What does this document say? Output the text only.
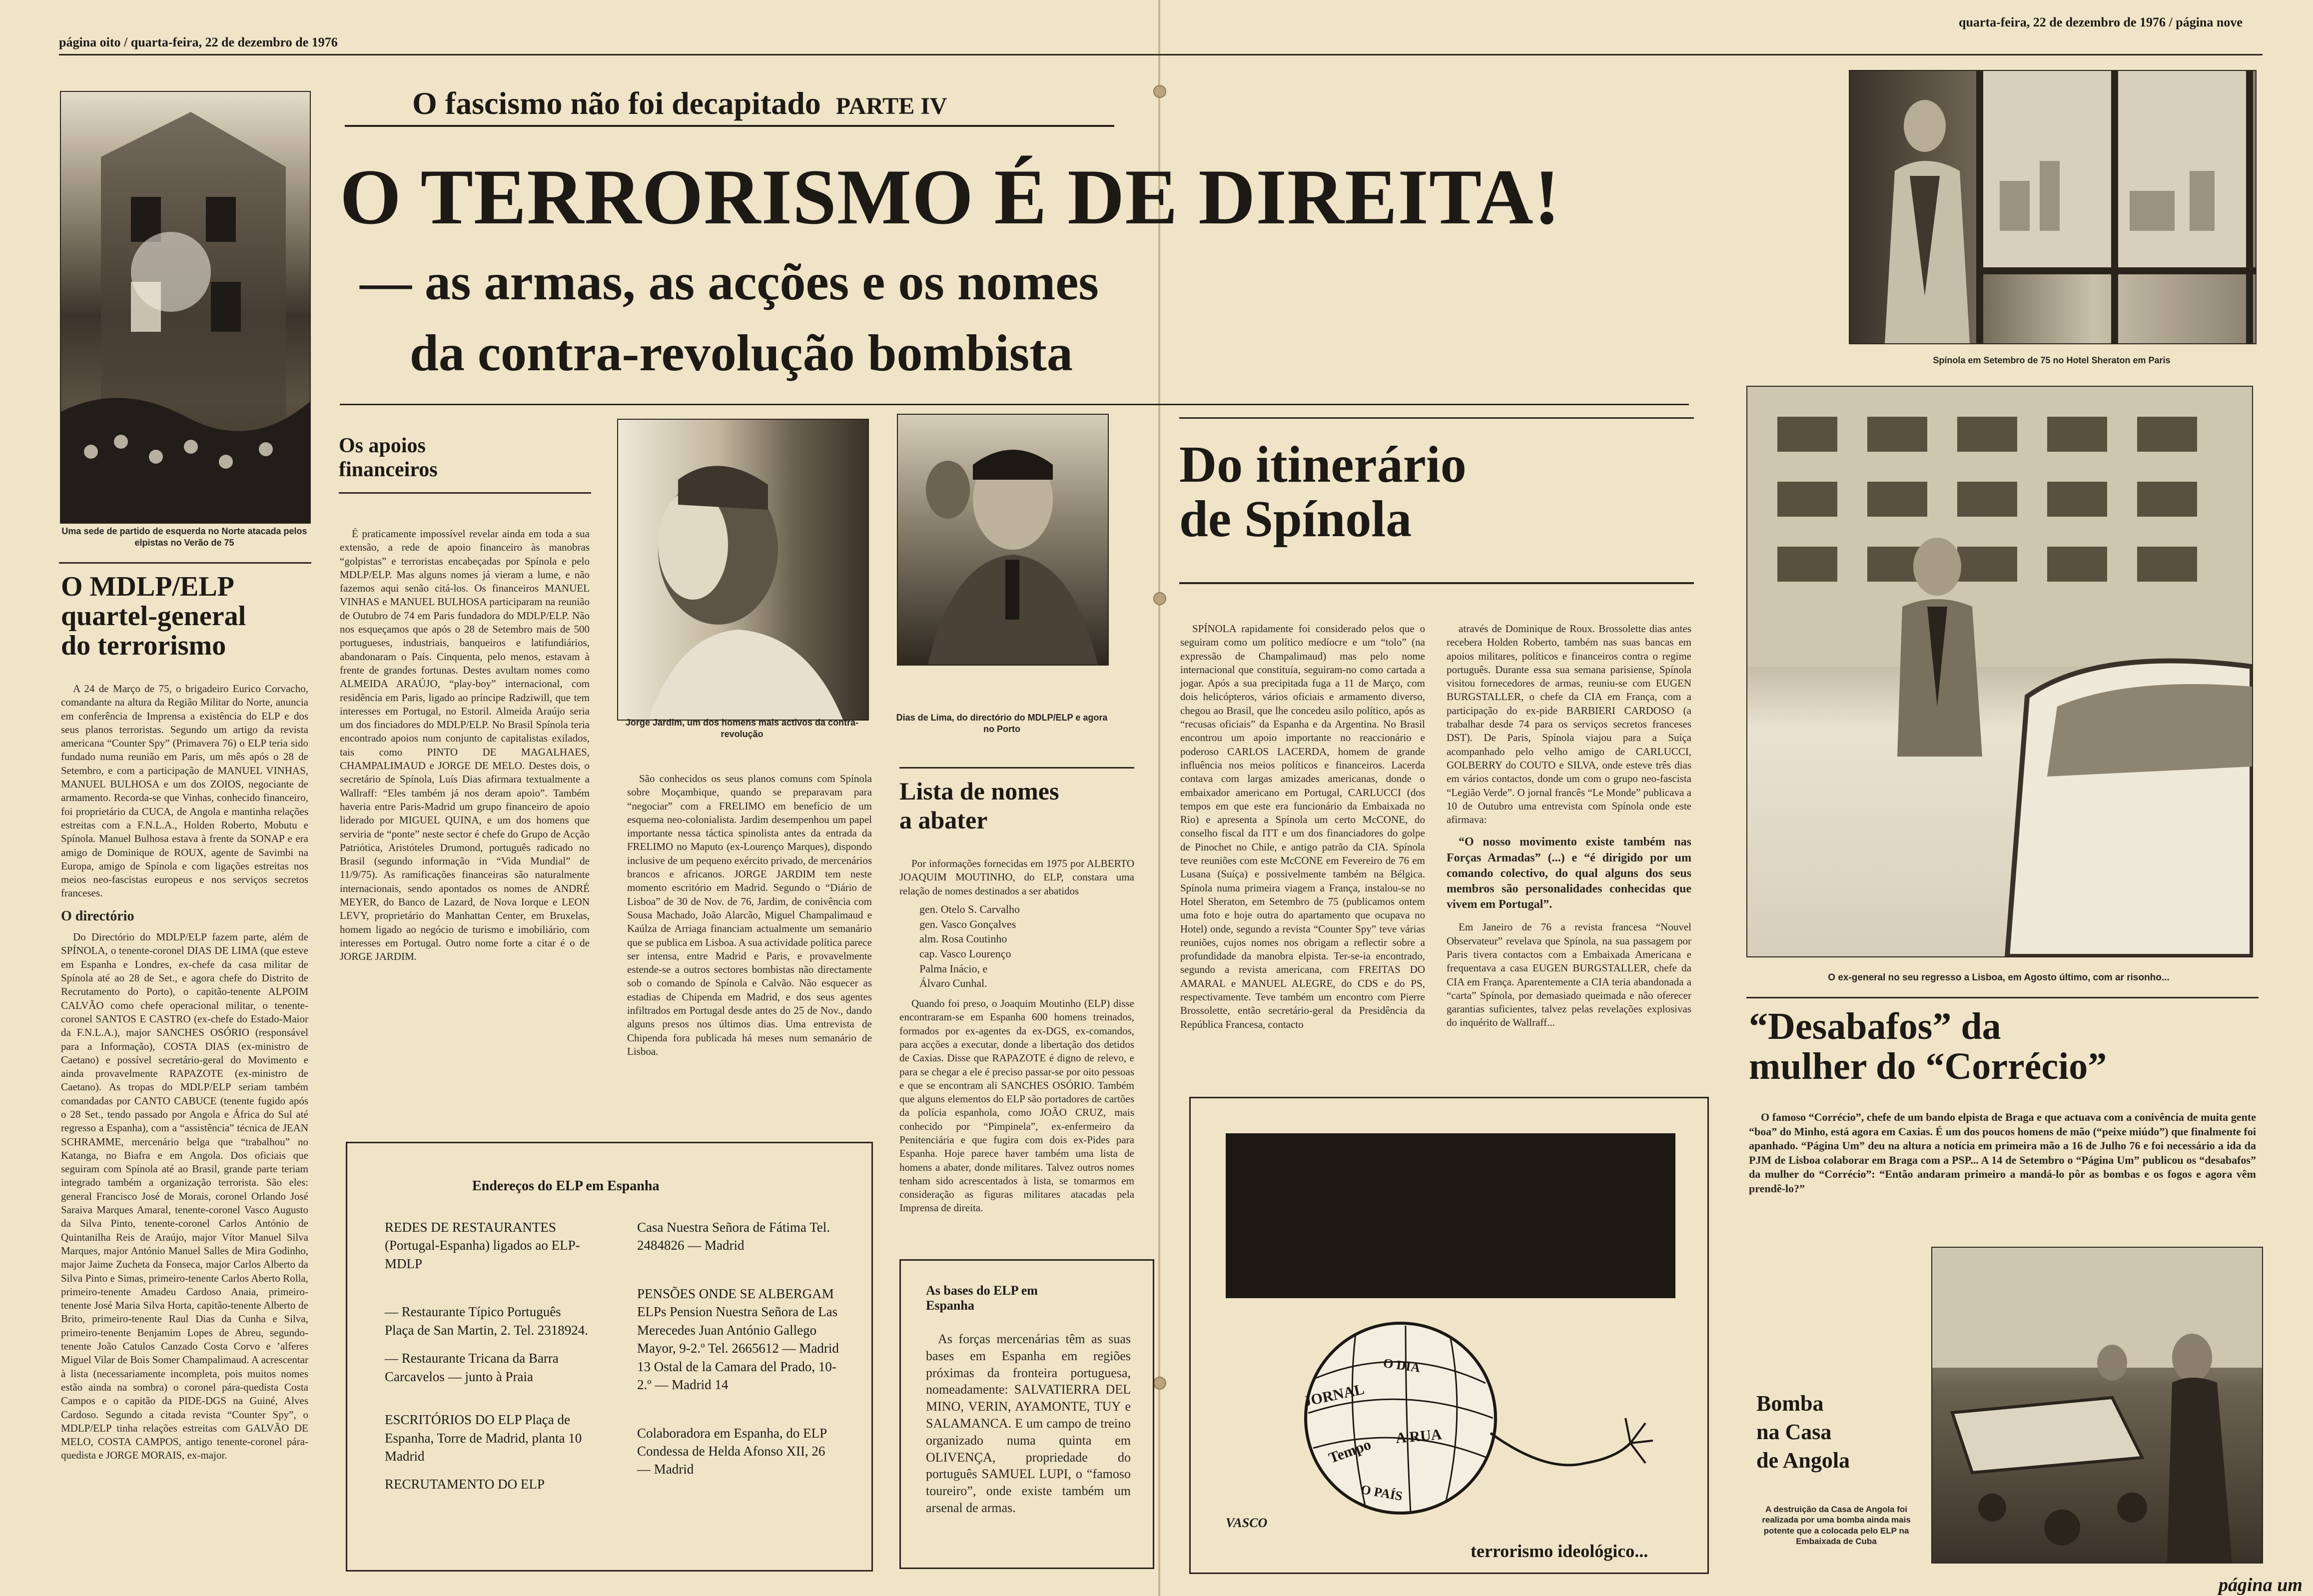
página oito / quarta-feira, 22 de dezembro de 1976
quarta-feira, 22 de dezembro de 1976 / página nove
Uma sede de partido de esquerda no Norte atacada pelos elpistas no Verão de 75
O MDLP/ELP
quartel-general
do terrorismo

A 24 de Março de 75, o brigadeiro Eurico Corvacho, comandante na altura da Região Militar do Norte, anuncia em conferência de Imprensa a existência do ELP e dos seus planos terroristas. Segundo um artigo da revista americana “Counter Spy” (Primavera 76) o ELP teria sido fundado numa reunião em Paris, um mês após o 28 de Setembro, e com a participação de MANUEL VINHAS, MANUEL BULHOSA e um dos ZOIOS, negociante de armamento. Recorda-se que Vinhas, conhecido financeiro, foi proprietário da CUCA, de Angola e mantinha relações estreitas com a F.N.L.A., Holden Roberto, Mobutu e Spínola. Manuel Bulhosa estava à frente da SONAP e era amigo de Dominique de ROUX, agente de Savimbi na Europa, amigo de Spínola e com ligações estreitas nos meios neo-fascistas europeus e nos serviços secretos franceses.

O directório

Do Directório do MDLP/ELP fazem parte, além de SPÍNOLA, o tenente-coronel DIAS DE LIMA (que esteve em Espanha e Londres, ex-chefe da casa militar de Spínola até ao 28 de Set., e agora chefe do Distrito de Recrutamento do Porto), o capitão-tenente ALPOIM CALVÃO como chefe operacional militar, o tenente-coronel SANTOS E CASTRO (ex-chefe do Estado-Maior da F.N.L.A.), major SANCHES OSÓRIO (responsável para a Informação), COSTA DIAS (ex-ministro de Caetano) e possível secretário-geral do Movimento e ainda provavelmente RAPAZOTE (ex-ministro de Caetano). As tropas do MDLP/ELP seriam também comandadas por CANTO CABUCE (tenente fugido após o 28 Set., tendo passado por Angola e África do Sul até regresso a Espanha), com a “assistência” técnica de JEAN SCHRAMME, mercenário belga que “trabalhou” no Katanga, no Biafra e em Angola. Dos oficiais que seguiram com Spínola até ao Brasil, grande parte teriam integrado também a organização terrorista. São eles: general Francisco José de Morais, coronel Orlando José Saraiva Marques Amaral, tenente-coronel Vasco Augusto da Silva Pinto, tenente-coronel Carlos António de Quintanilha Reis de Araújo, major Vítor Manuel Silva Marques, major António Manuel Salles de Mira Godinho, major Jaime Zucheta da Fonseca, major Carlos Alberto da Silva Pinto e Simas, primeiro-tenente Carlos Aberto Rolla, primeiro-tenente Amadeu Cardoso Anaia, primeiro-tenente José Maria Silva Horta, capitão-tenente Alberto de Brito, primeiro-tenente Raul Dias da Cunha e Silva, primeiro-tenente Benjamim Lopes de Abreu, segundo-tenente João Catulos Canzado Costa Corvo e ’alferes Miguel Vilar de Bois Somer Champalimaud. A acrescentar à lista (necessariamente incompleta, pois muitos nomes estão ainda na sombra) o coronel pára-quedista Costa Campos e o capitão da PIDE-DGS na Guiné, Alves Cardoso. Segundo a citada revista “Counter Spy”, o MDLP/ELP tinha relações estreitas com GALVÃO DE MELO, COSTA CAMPOS, antigo tenente-coronel pára-quedista e JORGE MORAIS, ex-major.

O fascismo não foi decapitado PARTE IV
O TERRORISMO É DE DIREITA!
— as armas, as acções e os nomes
da contra-revolução bombista
Os apoios
financeiros

É praticamente impossível revelar ainda em toda a sua extensão, a rede de apoio financeiro às manobras “golpistas” e terroristas encabeçadas por Spínola e pelo MDLP/ELP. Mas alguns nomes já vieram a lume, e não fazemos aqui senão citá-los. Os financeiros MANUEL VINHAS e MANUEL BULHOSA participaram na reunião de Outubro de 74 em Paris fundadora do MDLP/ELP. Não nos esqueçamos que após o 28 de Setembro mais de 500 portugueses, industriais, banqueiros e latifundiários, abandonaram o País. Cinquenta, pelo menos, estavam à frente de grandes fortunas. Destes avultam nomes como ALMEIDA ARAÚJO, “play-boy” internacional, com residência em Paris, ligado ao príncipe Radziwill, que tem interesses em Portugal, no Estoril. Almeida Araújo seria um dos finciadores do MDLP/ELP. No Brasil Spínola teria encontrado apoios num conjunto de capitalistas exilados, tais como PINTO DE MAGALHAES, CHAMPALIMAUD e JORGE DE MELO. Destes dois, o secretário de Spínola, Luís Dias afirmara textualmente a Wallraff: “Eles também já nos deram apoio”. Também haveria entre Paris-Madrid um grupo financeiro de apoio liderado por MIGUEL QUINA, e um dos homens que serviria de “ponte” neste sector é chefe do Grupo de Acção Patriótica, Aristóteles Drumond, português radicado no Brasil (segundo informação in “Vida Mundial” de 11/9/75). As ramificações financeiras são naturalmente internacionais, sendo apontados os nomes de ANDRÉ MEYER, do Banco de Lazard, de Nova Iorque e LEON LEVY, proprietário do Manhattan Center, em Bruxelas, homem ligado ao negócio de turismo e imobiliário, com interesses em Portugal. Outro nome forte a citar é o de JORGE JARDIM.

Jorge Jardim, um dos homens mais activos da contra-revolução
Dias de Lima, do directório do MDLP/ELP e agora no Porto

São conhecidos os seus planos comuns com Spínola sobre Moçambique, quando se preparavam para “negociar” com a FRELIMO em benefício de um esquema neo-colonialista. Jardim desempenhou um papel importante nessa táctica spinolista antes da entrada da FRELIMO no Maputo (ex-Lourenço Marques), dispondo inclusive de um pequeno exército privado, de mercenários brancos e africanos. JORGE JARDIM tem neste momento escritório em Madrid. Segundo o “Diário de Lisboa” de 30 de Nov. de 76, Jardim, de conivência com Sousa Machado, João Alarcão, Miguel Champalimaud e Kaúlza de Arriaga financiam actualmente um semanário que se publica em Lisboa. A sua actividade política parece ser intensa, entre Madrid e Paris, e provavelmente estende-se a outros sectores bombistas não directamente sob o comando de Spínola e Calvão. Não esquecer as estadias de Chipenda em Madrid, e dos seus agentes infiltrados em Portugal desde antes do 25 de Nov., dando alguns presos nos últimos dias. Uma entrevista de Chipenda fora publicada há meses num semanário de Lisboa.

Lista de nomes
a abater

Por informações fornecidas em 1975 por ALBERTO JOAQUIM MOUTINHO, do ELP, constara uma relação de nomes destinados a ser abatidos

gen. Otelo S. Carvalho
gen. Vasco Gonçalves
alm. Rosa Coutinho
cap. Vasco Lourenço
Palma Inácio, e
Álvaro Cunhal.

Quando foi preso, o Joaquim Moutinho (ELP) disse encontraram-se em Espanha 600 homens treinados, formados por ex-agentes da ex-DGS, ex-comandos, para acções a executar, donde a libertação dos detidos de Caxias. Disse que RAPAZOTE é digno de relevo, e para se chegar a ele é preciso passar-se por oito pessoas e que se encontram ali SANCHES OSÓRIO. Também que alguns elementos do ELP são portadores de cartões da polícia espanhola, como JOÃO CRUZ, mais conhecido por “Pimpinela”, ex-enfermeiro da Penitenciária e que fugira com dois ex-Pides para Espanha. Hoje parece haver também uma lista de homens a abater, donde militares. Talvez outros nomes tenham sido acrescentados à lista, se tomarmos em consideração as figuras militares atacadas pela Imprensa de direita.

Endereços do ELP em Espanha
REDES DE RESTAURANTES (Portugal-Espanha) ligados ao ELP-MDLP
— Restaurante Típico Português Plaça de San Martin, 2. Tel. 2318924.
— Restaurante Tricana da Barra Carcavelos — junto à Praia
ESCRITÓRIOS DO ELP Plaça de Espanha, Torre de Madrid, planta 10 Madrid
RECRUTAMENTO DO ELP
Casa Nuestra Señora de Fátima Tel. 2484826 — Madrid
PENSÕES ONDE SE ALBERGAM ELPs Pension Nuestra Señora de Las Merecedes Juan António Gallego Mayor, 9-2.º Tel. 2665612 — Madrid 13 Ostal de la Camara del Prado, 10-2.º — Madrid 14
Colaboradora em Espanha, do ELP Condessa de Helda Afonso XII, 26 — Madrid
As bases do ELP em Espanha

As forças mercenárias têm as suas bases em Espanha em regiões próximas da fronteira portuguesa, nomeadamente: SALVATIERRA DEL MINO, VERIN, AYAMONTE, TUY e SALAMANCA. E um campo de treino organizado numa quinta em OLIVENÇA, propriedade do português SAMUEL LUPI, o “famoso toureiro”, onde existe também um arsenal de armas.

Do itinerário
de Spínola

SPÍNOLA rapidamente foi considerado pelos que o seguiram como um político medíocre e um “tolo” (na expressão de Champalimaud) mas pelo nome internacional que constituía, seguiram-no como cartada a jogar. Após a sua precipitada fuga a 11 de Março, com dois helicópteros, vários oficiais e armamento diverso, chegou ao Brasil, que lhe concedeu asilo político, após as “recusas oficiais” da Espanha e da Argentina. No Brasil encontrou um apoio importante no reaccionário e poderoso CARLOS LACERDA, homem de grande influência nos meios políticos e financeiros. Lacerda contava com largas amizades americanas, donde o embaixador americano em Portugal, CARLUCCI (dos tempos em que este era funcionário da Embaixada no Rio) e apresenta a Spínola um certo McCONE, do conselho fiscal da ITT e um dos financiadores do golpe de Pinochet no Chile, e antigo patrão da CIA. Spínola teve reuniões com este McCONE em Fevereiro de 76 em Lusana (Suíça) e possivelmente também na Bélgica. Spínola numa primeira viagem a França, instalou-se no Hotel Sheraton, em Setembro de 75 (publicamos ontem uma foto e hoje outra do apartamento que ocupava no Hotel) onde, segundo a revista “Counter Spy” teve várias reuniões, cujos nomes nos obrigam a reflectir sobre a profundidade da manobra elpista. Ter-se-ia encontrado, segundo a revista americana, com FREITAS DO AMARAL e MANUEL ALEGRE, do CDS e do PS, respectivamente. Teve também um encontro com Pierre Brossolette, então secretário-geral da Presidência da República Francesa, contacto

através de Dominique de Roux. Brossolette dias antes recebera Holden Roberto, também nas suas bancas em apoios militares, políticos e financeiros contra o regime português. Durante essa sua semana parisiense, Spínola visitou fornecedores de armas, reuniu-se com EUGEN BURGSTALLER, o chefe da CIA em França, com a participação do ex-pide BARBIERI CARDOSO (a trabalhar desde 74 para os serviços secretos franceses DST). De Paris, Spínola viajou para a Suíça acompanhado pelo velho amigo de CARLUCCI, GOLBERRY do COUTO e SILVA, onde esteve três dias em vários contactos, donde um com o grupo neo-fascista “Legião Verde”. O jornal francês “Le Monde” publicava a 10 de Outubro uma entrevista com Spínola onde este afirmava:

“O nosso movimento existe também nas Forças Armadas” (...) e “é dirigido por um comando colectivo, do qual alguns dos seus membros são personalidades conhecidas que vivem em Portugal”.

Em Janeiro de 76 a revista francesa “Nouvel Observateur” revelava que Spínola, na sua passagem por Paris tivera contactos com a Embaixada Americana e frequentava a casa EUGEN BURGSTALLER, chefe da CIA em França. Aparentemente a CIA teria abandonada a “carta” Spínola, por demasiado queimada e não oferecer garantias suficientes, talvez pelas revelações explosivas do inquérito de Wallraff...

Spínola em Setembro de 75 no Hotel Sheraton em Paris
O ex-general no seu regresso a Lisboa, em Agosto último, com ar risonho...
“Desabafos” da
mulher do “Corrécio”

O famoso “Corrécio”, chefe de um bando elpista de Braga e que actuava com a conivência de muita gente “boa” do Minho, está agora em Caxias. É um dos poucos homens de mão (“peixe miúdo”) que finalmente foi apanhado. “Página Um” deu na altura a notícia em primeira mão a 16 de Julho 76 e foi necessário a ida da PJM de Lisboa colaborar em Braga com a PSP... A 14 de Setembro o “Página Um” publicou os “desabafos” da mulher do “Corrécio”: “Então andaram primeiro a mandá-lo pôr as bombas e os fogos e agora vêm prendê-lo?”

JORNAL
O DIA
Tempo A RUA
O PAÍS
VASCO
terrorismo ideológico...
Bomba
na Casa
de Angola
A destruição da Casa de Angola foi realizada por uma bomba ainda mais potente que a colocada pelo ELP na Embaixada de Cuba
página um
